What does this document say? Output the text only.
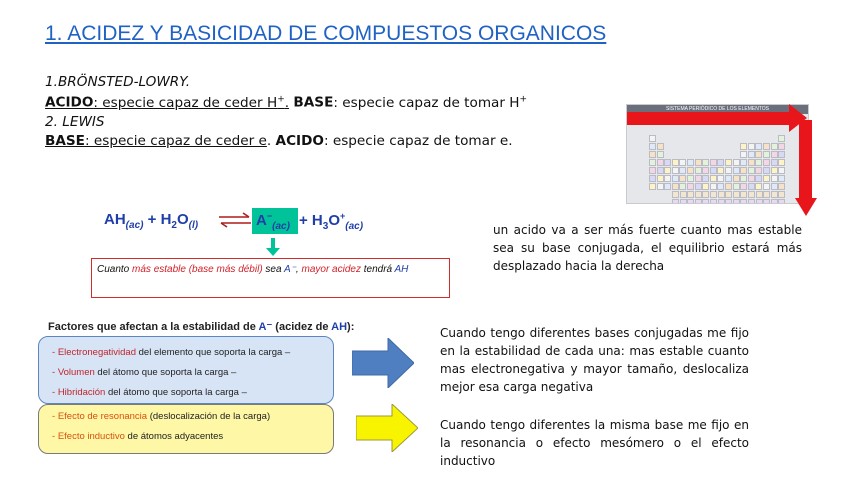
1. ACIDEZ Y BASICIDAD DE COMPUESTOS ORGANICOS
1.BRÖNSTED-LOWRY.
ACIDO: especie capaz de ceder H+. BASE: especie capaz de tomar H+
2. LEWIS
BASE: especie capaz de ceder e. ACIDO: especie capaz de tomar e.
SISTEMA PERIÓDICO DE LOS ELEMENTOS
$AH_{(ac)} + H_2O_{(l)}$ ⇌ $A^-_{(ac)} + H_3O^+_{(ac)}$
Cuanto más estable (base más débil) sea A⁻, mayor acidez tendrá AH
un acido va a ser más fuerte cuanto mas estable sea su base conjugada, el equilibrio estará más desplazado hacia la derecha
Factores que afectan a la estabilidad de A⁻ (acidez de AH):
- Electronegatividad del elemento que soporta la carga –
- Volumen del átomo que soporta la carga –
- Hibridación del átomo que soporta la carga –
- Efecto de resonancia (deslocalización de la carga)
- Efecto inductivo de átomos adyacentes
Cuando tengo diferentes bases conjugadas me fijo en la estabilidad de cada una: mas estable cuanto mas electronegativa y mayor tamaño, deslocaliza mejor esa carga negativa
Cuando tengo diferentes la misma base me fijo en la resonancia o efecto mesómero o el efecto inductivo
